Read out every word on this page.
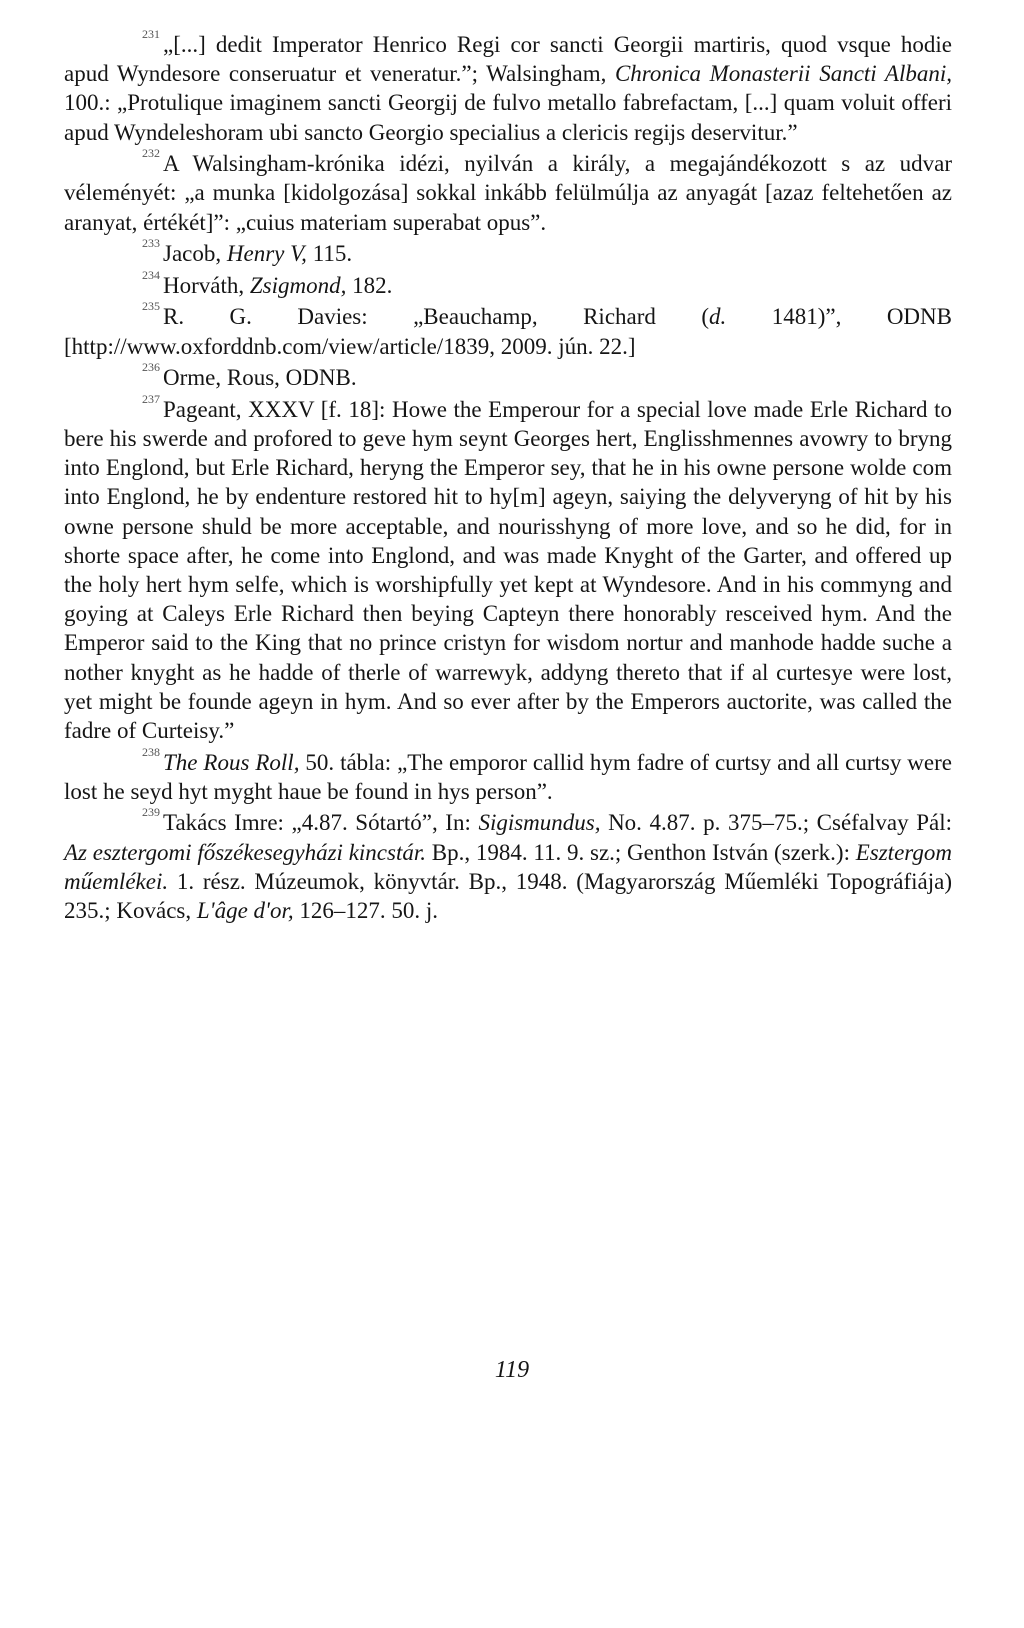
$^{231}$ „[...] dedit Imperator Henrico Regi cor sancti Georgii martiris, quod vsque hodie apud Wyndesore conseruatur et veneratur.”; Walsingham, Chronica Monasterii Sancti Albani, 100.: „Protulique imaginem sancti Georgij de fulvo metallo fabrefactam, [...] quam voluit offeri apud Wyndeleshoram ubi sancto Georgio specialius a clericis regijs deservitur.”

$^{232}$ A Walsingham-krónika idézi, nyilván a király, a megajándékozott s az udvar véleményét: „a munka [kidolgozása] sokkal inkább felülmúlja az anyagát [azaz feltehetően az aranyat, értékét]”: „cuius materiam superabat opus”.

$^{233}$ Jacob, Henry V, 115.

$^{234}$ Horváth, Zsigmond, 182.

$^{235}$ R. G. Davies: „Beauchamp, Richard (d. 1481)”, ODNB [http://www.oxforddnb.com/view/article/1839, 2009. jún. 22.]

$^{236}$ Orme, Rous, ODNB.

$^{237}$ Pageant, XXXV [f. 18]: Howe the Emperour for a special love made Erle Richard to bere his swerde and profored to geve hym seynt Georges hert, Englisshmennes avowry to bryng into Englond, but Erle Richard, heryng the Emperor sey, that he in his owne persone wolde com into Englond, he by endenture restored hit to hy[m] ageyn, saiying the delyveryng of hit by his owne persone shuld be more acceptable, and nourisshyng of more love, and so he did, for in shorte space after, he come into Englond, and was made Knyght of the Garter, and offered up the holy hert hym selfe, which is worshipfully yet kept at Wyndesore. And in his commyng and goying at Caleys Erle Richard then beying Capteyn there honorably resceived hym. And the Emperor said to the King that no prince cristyn for wisdom nortur and manhode hadde suche a nother knyght as he hadde of therle of warrewyk, addyng thereto that if al curtesye were lost, yet might be founde ageyn in hym. And so ever after by the Emperors auctorite, was called the fadre of Curteisy.”

$^{238}$ The Rous Roll, 50. tábla: „The emporor callid hym fadre of curtsy and all curtsy were lost he seyd hyt myght haue be found in hys person”.

$^{239}$ Takács Imre: „4.87. Sótartó”, In: Sigismundus, No. 4.87. p. 375–75.; Cséfalvay Pál: Az esztergomi főszékesegyházi kincstár. Bp., 1984. 11. 9. sz.; Genthon István (szerk.): Esztergom műemlékei. 1. rész. Múzeumok, könyvtár. Bp., 1948. (Magyarország Műemléki Topográfiája) 235.; Kovács, L'âge d'or, 126–127. 50. j.

119
